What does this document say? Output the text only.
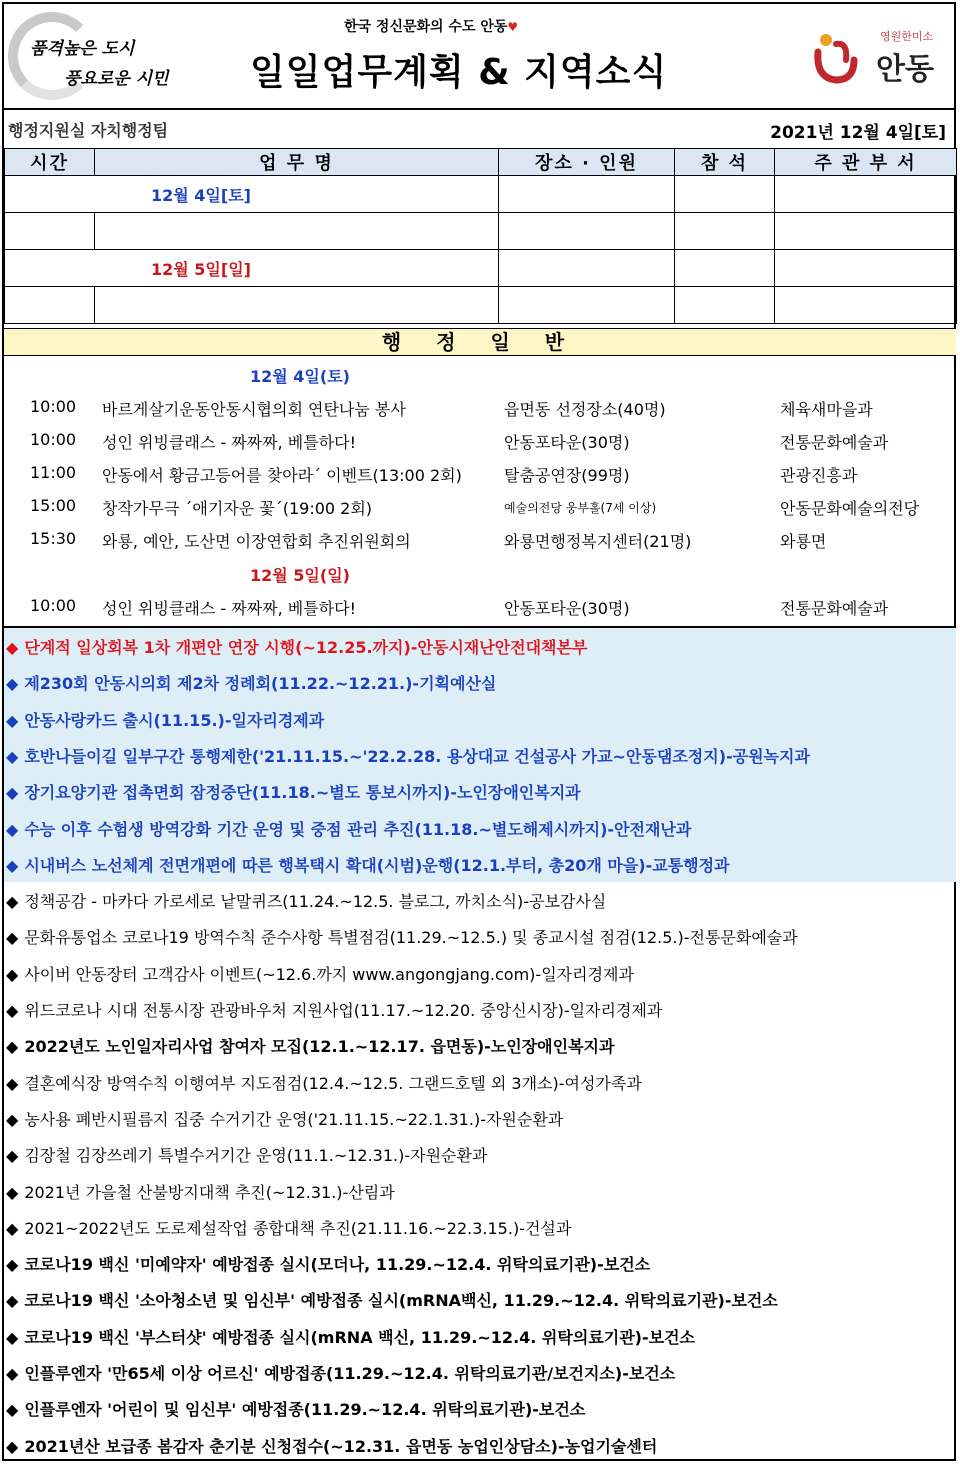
품격높은 도시
풍요로운 시민
한국 정신문화의 수도 안동♥
일일업무계획 & 지역소식
영원한미소
안동
행정지원실 자치행정팀	2021년 12월 4일[토]
시간	업 무 명	장소 · 인원	참 석	주 관 부 서
12월 4일[토]				

12월 5일[일]				

행 정 일 반
12월 4일(토)
10:00 바르게살기운동안동시협의회 연탄나눔 봉사	읍면동 선정장소(40명)	체육새마을과
10:00 성인 위빙클래스 - 짜짜짜, 베틀하다!	안동포타운(30명)	전통문화예술과
11:00 안동에서 황금고등어를 찾아라´ 이벤트(13:00 2회)	탈춤공연장(99명)	관광진흥과
15:00 창작가무극 ´애기자운 꽃´(19:00 2회)	예술의전당 웅부홀(7세 이상)	안동문화예술의전당
15:30 와룡, 예안, 도산면 이장연합회 추진위원회의	와룡면행정복지센터(21명)	와룡면
12월 5일(일)
10:00 성인 위빙클래스 - 짜짜짜, 베틀하다!	안동포타운(30명)	전통문화예술과
◆ 단계적 일상회복 1차 개편안 연장 시행(~12.25.까지)-안동시재난안전대책본부
◆ 제230회 안동시의회 제2차 정례회(11.22.~12.21.)-기획예산실
◆ 안동사랑카드 출시(11.15.)-일자리경제과
◆ 호반나들이길 일부구간 통행제한('21.11.15.~'22.2.28. 용상대교 건설공사 가교~안동댐조정지)-공원녹지과
◆ 장기요양기관 접촉면회 잠정중단(11.18.~별도 통보시까지)-노인장애인복지과
◆ 수능 이후 수험생 방역강화 기간 운영 및 중점 관리 추진(11.18.~별도해제시까지)-안전재난과
◆ 시내버스 노선체계 전면개편에 따른 행복택시 확대(시범)운행(12.1.부터, 총20개 마을)-교통행정과
◆ 정책공감 - 마카다 가로세로 낱말퀴즈(11.24.~12.5. 블로그, 까치소식)-공보감사실
◆ 문화유통업소 코로나19 방역수칙 준수사항 특별점검(11.29.~12.5.) 및 종교시설 점검(12.5.)-전통문화예술과
◆ 사이버 안동장터 고객감사 이벤트(~12.6.까지 www.angongjang.com)-일자리경제과
◆ 위드코로나 시대 전통시장 관광바우처 지원사업(11.17.~12.20. 중앙신시장)-일자리경제과
◆ 2022년도 노인일자리사업 참여자 모집(12.1.~12.17. 읍면동)-노인장애인복지과
◆ 결혼예식장 방역수칙 이행여부 지도점검(12.4.~12.5. 그랜드호텔 외 3개소)-여성가족과
◆ 농사용 폐반시필름지 집중 수거기간 운영('21.11.15.~22.1.31.)-자원순환과
◆ 김장철 김장쓰레기 특별수거기간 운영(11.1.~12.31.)-자원순환과
◆ 2021년 가을철 산불방지대책 추진(~12.31.)-산림과
◆ 2021~2022년도 도로제설작업 종합대책 추진(21.11.16.~22.3.15.)-건설과
◆ 코로나19 백신 '미예약자' 예방접종 실시(모더나, 11.29.~12.4. 위탁의료기관)-보건소
◆ 코로나19 백신 '소아청소년 및 임신부' 예방접종 실시(mRNA백신, 11.29.~12.4. 위탁의료기관)-보건소
◆ 코로나19 백신 '부스터샷' 예방접종 실시(mRNA 백신, 11.29.~12.4. 위탁의료기관)-보건소
◆ 인플루엔자 '만65세 이상 어르신' 예방접종(11.29.~12.4. 위탁의료기관/보건지소)-보건소
◆ 인플루엔자 '어린이 및 임신부' 예방접종(11.29.~12.4. 위탁의료기관)-보건소
◆ 2021년산 보급종 봄감자 춘기분 신청접수(~12.31. 읍면동 농업인상담소)-농업기술센터
